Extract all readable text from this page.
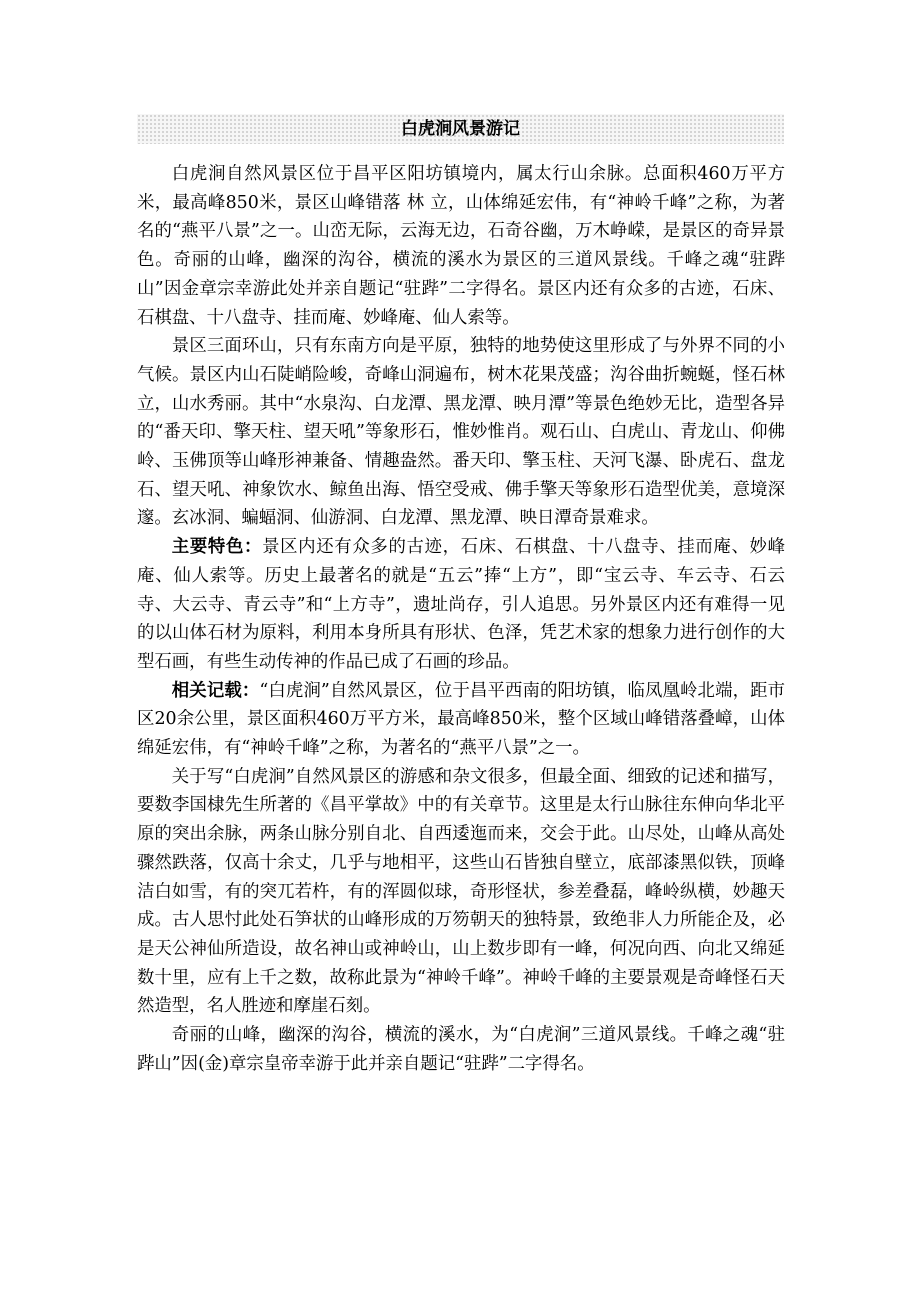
白虎涧风景游记

白虎涧自然风景区位于昌平区阳坊镇境内，属太行山余脉。总面积460万平方米，最高峰850米，景区山峰错落 林 立，山体绵延宏伟，有“神岭千峰”之称，为著名的“燕平八景”之一。山峦无际，云海无边，石奇谷幽，万木峥嵘，是景区的奇异景色。奇丽的山峰，幽深的沟谷，横流的溪水为景区的三道风景线。千峰之魂“驻跸山”因金章宗幸游此处并亲自题记“驻跸”二字得名。景区内还有众多的古迹，石床、石棋盘、十八盘寺、挂而庵、妙峰庵、仙人索等。

景区三面环山，只有东南方向是平原，独特的地势使这里形成了与外界不同的小气候。景区内山石陡峭险峻，奇峰山洞遍布，树木花果茂盛；沟谷曲折蜿蜒，怪石林立，山水秀丽。其中“水泉沟、白龙潭、黑龙潭、映月潭”等景色绝妙无比，造型各异的“番天印、擎天柱、望天吼”等象形石，惟妙惟肖。观石山、白虎山、青龙山、仰佛岭、玉佛顶等山峰形神兼备、情趣盎然。番天印、擎玉柱、天河飞瀑、卧虎石、盘龙石、望天吼、神象饮水、鲸鱼出海、悟空受戒、佛手擎天等象形石造型优美，意境深邃。玄冰洞、蝙蝠洞、仙游洞、白龙潭、黑龙潭、映日潭奇景难求。

主要特色：景区内还有众多的古迹，石床、石棋盘、十八盘寺、挂而庵、妙峰庵、仙人索等。历史上最著名的就是“五云”捧“上方”，即“宝云寺、车云寺、石云寺、大云寺、青云寺”和“上方寺”，遗址尚存，引人追思。另外景区内还有难得一见的以山体石材为原料，利用本身所具有形状、色泽，凭艺术家的想象力进行创作的大型石画，有些生动传神的作品已成了石画的珍品。

相关记载：“白虎涧”自然风景区，位于昌平西南的阳坊镇，临凤凰岭北端，距市区20余公里，景区面积460万平方米，最高峰850米，整个区域山峰错落叠嶂，山体绵延宏伟，有“神岭千峰”之称，为著名的“燕平八景”之一。

关于写“白虎涧”自然风景区的游感和杂文很多，但最全面、细致的记述和描写，要数李国棣先生所著的《昌平掌故》中的有关章节。这里是太行山脉往东伸向华北平原的突出余脉，两条山脉分别自北、自西逶迤而来，交会于此。山尽处，山峰从高处骤然跌落，仅高十余丈，几乎与地相平，这些山石皆独自壁立，底部漆黑似铁，顶峰洁白如雪，有的突兀若杵，有的浑圆似球，奇形怪状，参差叠磊，峰岭纵横，妙趣天成。古人思忖此处石笋状的山峰形成的万笏朝天的独特景，致绝非人力所能企及，必是天公神仙所造设，故名神山或神岭山，山上数步即有一峰，何况向西、向北又绵延数十里，应有上千之数，故称此景为“神岭千峰”。神岭千峰的主要景观是奇峰怪石天然造型，名人胜迹和摩崖石刻。

奇丽的山峰，幽深的沟谷，横流的溪水，为“白虎涧”三道风景线。千峰之魂“驻跸山”因(金)章宗皇帝幸游于此并亲自题记“驻跸”二字得名。
